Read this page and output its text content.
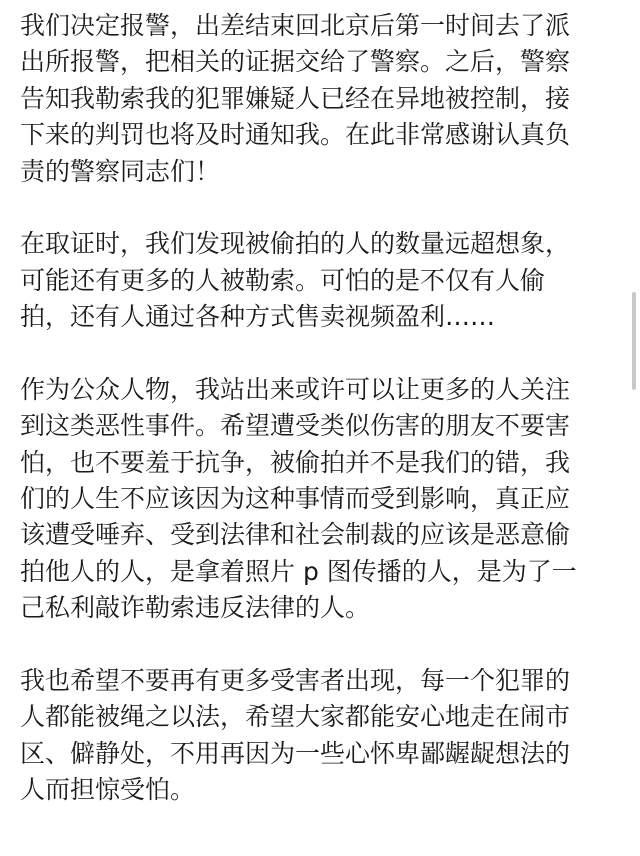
我们决定报警，出差结束回北京后第一时间去了派
出所报警，把相关的证据交给了警察。之后，警察
告知我勒索我的犯罪嫌疑人已经在异地被控制，接
下来的判罚也将及时通知我。在此非常感谢认真负
责的警察同志们！
在取证时，我们发现被偷拍的人的数量远超想象，
可能还有更多的人被勒索。可怕的是不仅有人偷
拍，还有人通过各种方式售卖视频盈利……
作为公众人物，我站出来或许可以让更多的人关注
到这类恶性事件。希望遭受类似伤害的朋友不要害
怕，也不要羞于抗争，被偷拍并不是我们的错，我
们的人生不应该因为这种事情而受到影响，真正应
该遭受唾弃、受到法律和社会制裁的应该是恶意偷
拍他人的人，是拿着照片 p 图传播的人，是为了一
己私利敲诈勒索违反法律的人。
我也希望不要再有更多受害者出现，每一个犯罪的
人都能被绳之以法，希望大家都能安心地走在闹市
区、僻静处，不用再因为一些心怀卑鄙龌龊想法的
人而担惊受怕。
